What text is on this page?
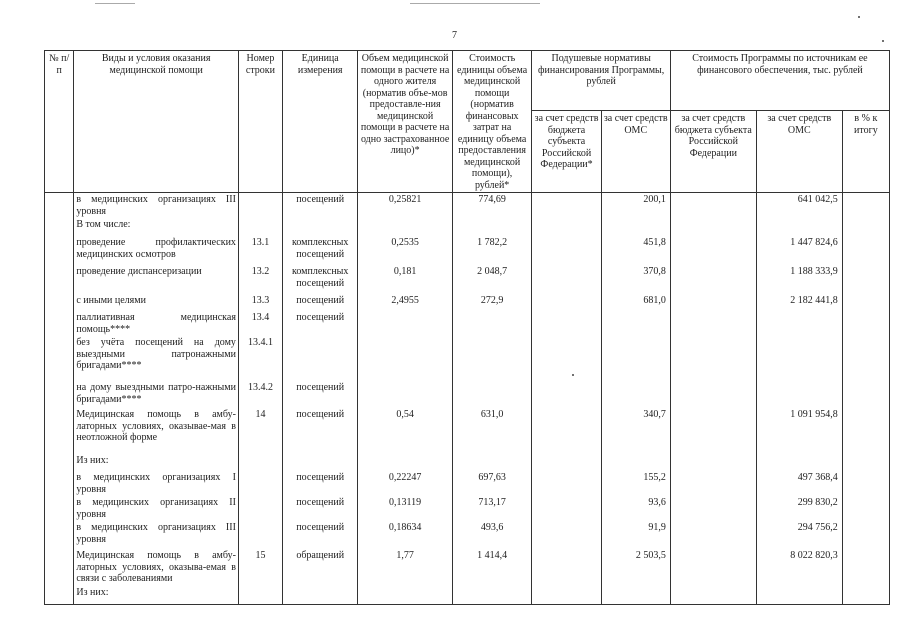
7
№ п/п	Виды и условия оказания медицинской помощи	Номер строки	Единица измерения	Объем медицинской помощи в расчете на одного жителя (норматив объе-мов предоставле-ния медицинской помощи в расчете на одно застрахованное лицо)*	Стоимость единицы объема медицинской помощи (норматив финансовых затрат на единицу объема предоставления медицинской помощи), рублей*	Подушевые нормативы финансирования Программы, рублей		Стоимость Программы по источникам ее финансового обеспечения, тыс. рублей		
						за счет средств бюджета субъекта Российской Федерации*	за счет средств ОМС	за счет средств бюджета субъекта Российской Федерации	за счет средств ОМС	в % к итогу
	в медицинских организациях III уровня		посещений	0,25821	774,69		200,1		641 042,5	
	В том числе:									
	проведение профилактических медицинских осмотров	13.1	комплексных посещений	0,2535	1 782,2		451,8		1 447 824,6	
	проведение диспансеризации	13.2	комплексных посещений	0,181	2 048,7		370,8		1 188 333,9	
	с иными целями	13.3	посещений	2,4955	272,9		681,0		2 182 441,8	
	паллиативная медицинская помощь****	13.4	посещений							
	без учёта посещений на дому выездными патронажными бригадами****	13.4.1								
	на дому выездными патро-нажными бригадами****	13.4.2	посещений							
	Медицинская помощь в амбу-латорных условиях, оказывае-мая в неотложной форме	14	посещений	0,54	631,0		340,7		1 091 954,8	
	Из них:									
	в медицинских организациях I уровня		посещений	0,22247	697,63		155,2		497 368,4	
	в медицинских организациях II уровня		посещений	0,13119	713,17		93,6		299 830,2	
	в медицинских организациях III уровня		посещений	0,18634	493,6		91,9		294 756,2	
	Медицинская помощь в амбу-латорных условиях, оказыва-емая в связи с заболеваниями	15	обращений	1,77	1 414,4		2 503,5		8 022 820,3	
	Из них:									
